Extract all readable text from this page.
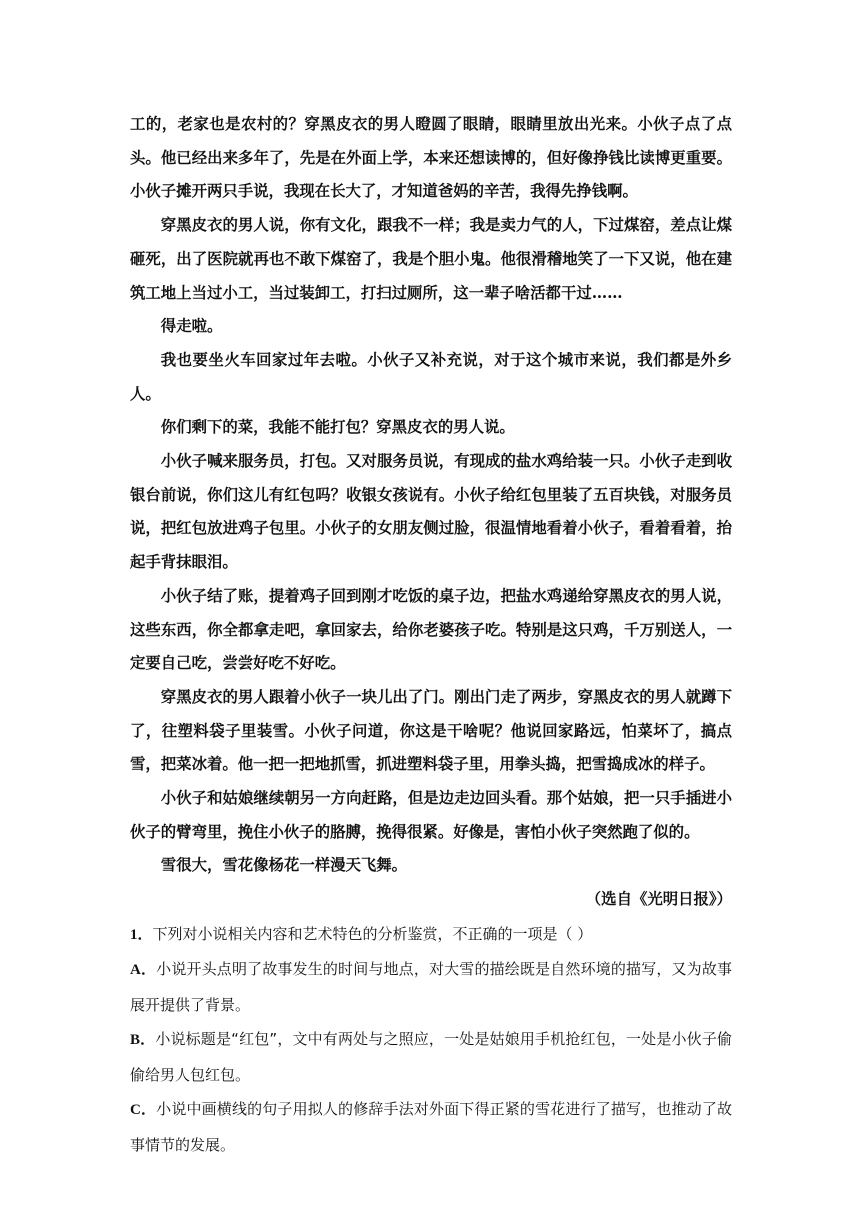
工的，老家也是农村的？穿黑皮衣的男人瞪圆了眼睛，眼睛里放出光来。小伙子点了点头。他已经出来多年了，先是在外面上学，本来还想读博的，但好像挣钱比读博更重要。小伙子摊开两只手说，我现在长大了，才知道爸妈的辛苦，我得先挣钱啊。

穿黑皮衣的男人说，你有文化，跟我不一样；我是卖力气的人，下过煤窑，差点让煤砸死，出了医院就再也不敢下煤窑了，我是个胆小鬼。他很滑稽地笑了一下又说，他在建筑工地上当过小工，当过装卸工，打扫过厕所，这一辈子啥活都干过……

得走啦。

我也要坐火车回家过年去啦。小伙子又补充说，对于这个城市来说，我们都是外乡人。

你们剩下的菜，我能不能打包？穿黑皮衣的男人说。

小伙子喊来服务员，打包。又对服务员说，有现成的盐水鸡给装一只。小伙子走到收银台前说，你们这儿有红包吗？收银女孩说有。小伙子给红包里装了五百块钱，对服务员说，把红包放进鸡子包里。小伙子的女朋友侧过脸，很温情地看着小伙子，看着看着，抬起手背抹眼泪。

小伙子结了账，提着鸡子回到刚才吃饭的桌子边，把盐水鸡递给穿黑皮衣的男人说，这些东西，你全都拿走吧，拿回家去，给你老婆孩子吃。特别是这只鸡，千万别送人，一定要自己吃，尝尝好吃不好吃。

穿黑皮衣的男人跟着小伙子一块儿出了门。刚出门走了两步，穿黑皮衣的男人就蹲下了，往塑料袋子里装雪。小伙子问道，你这是干啥呢？他说回家路远，怕菜坏了，搞点雪，把菜冰着。他一把一把地抓雪，抓进塑料袋子里，用拳头捣，把雪捣成冰的样子。

小伙子和姑娘继续朝另一方向赶路，但是边走边回头看。那个姑娘，把一只手插进小伙子的臂弯里，挽住小伙子的胳膊，挽得很紧。好像是，害怕小伙子突然跑了似的。

雪很大，雪花像杨花一样漫天飞舞。

（选自《光明日报》）

1．下列对小说相关内容和艺术特色的分析鉴赏，不正确的一项是（ ）

A．小说开头点明了故事发生的时间与地点，对大雪的描绘既是自然环境的描写，又为故事展开提供了背景。

B．小说标题是“红包”，文中有两处与之照应，一处是姑娘用手机抢红包，一处是小伙子偷偷给男人包红包。

C．小说中画横线的句子用拟人的修辞手法对外面下得正紧的雪花进行了描写，也推动了故事情节的发展。
